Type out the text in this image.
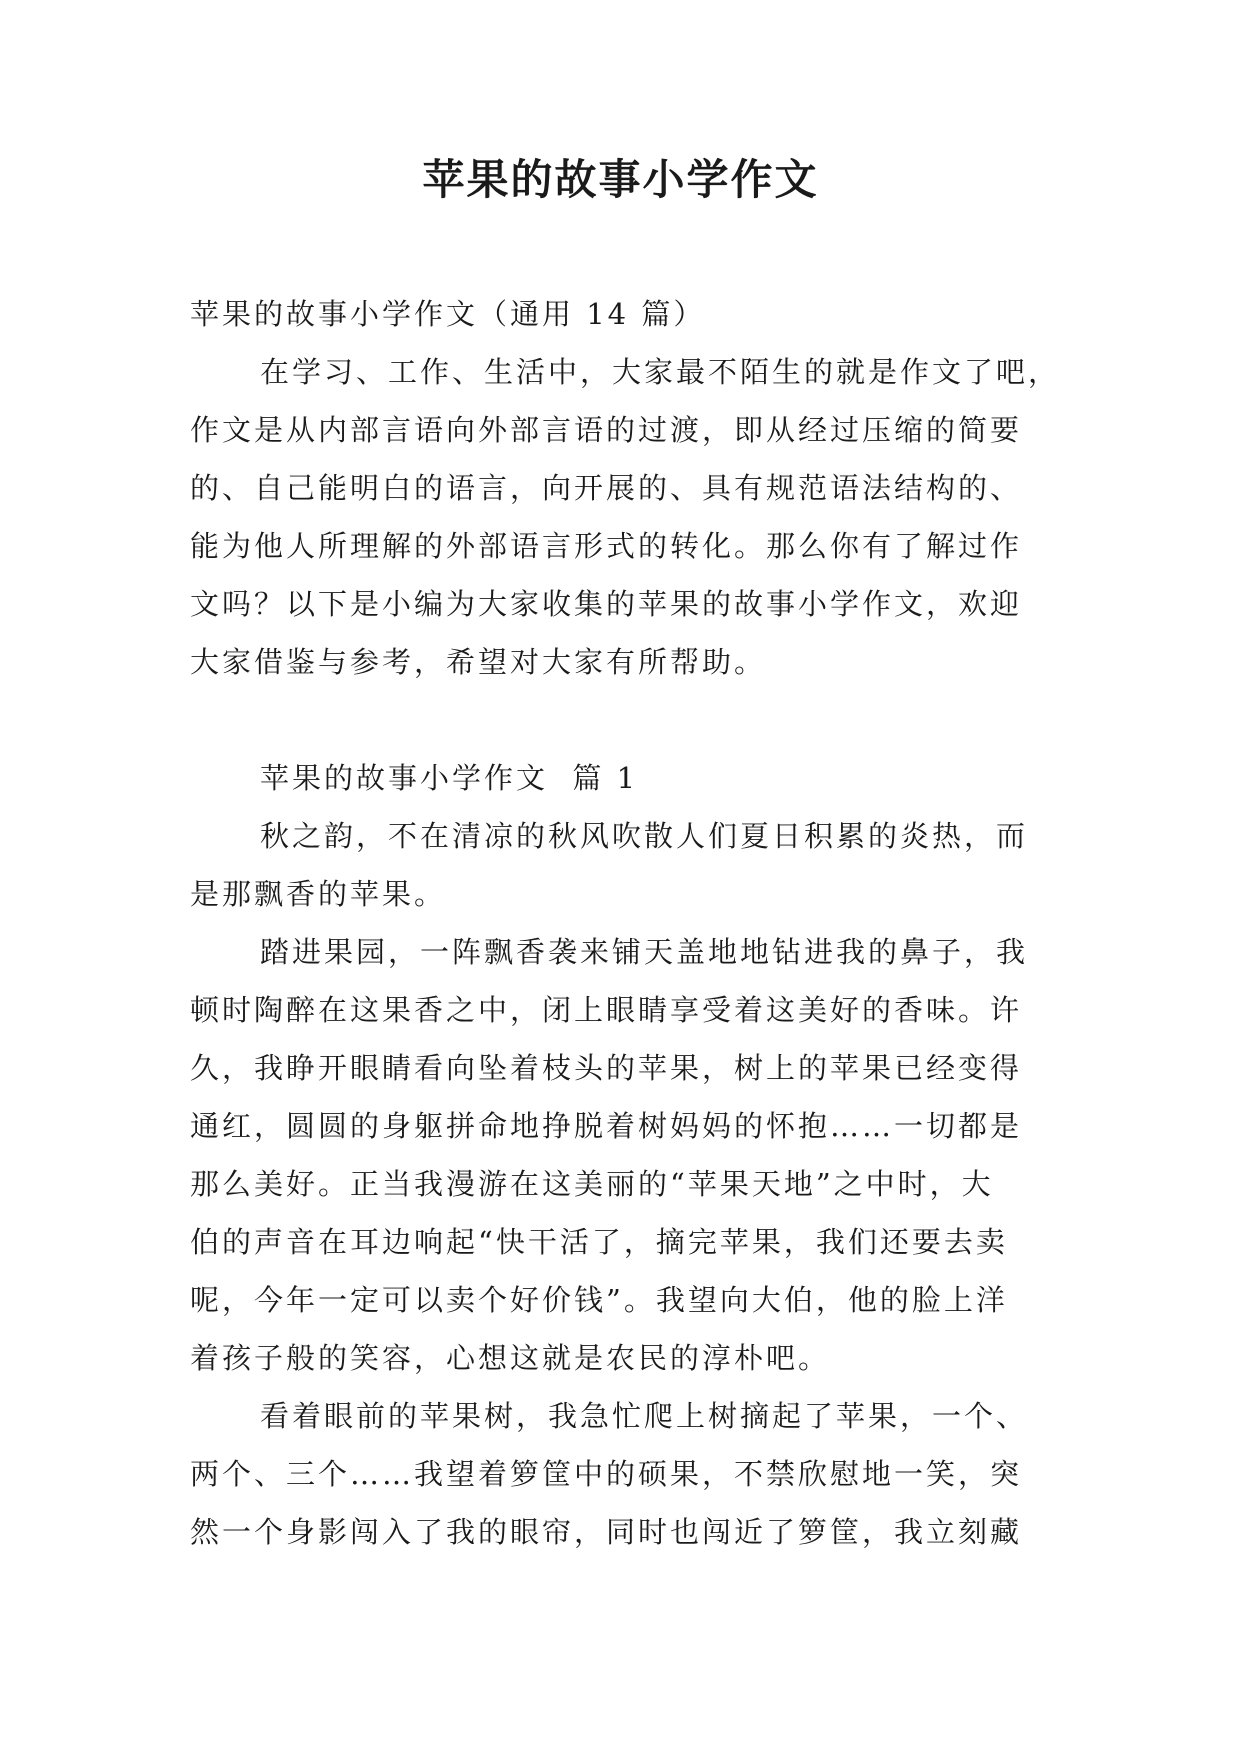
苹果的故事小学作文
苹果的故事小学作文（通用 14 篇）
在学习、工作、生活中，大家最不陌生的就是作文了吧，
作文是从内部言语向外部言语的过渡，即从经过压缩的简要
的、自己能明白的语言，向开展的、具有规范语法结构的、
能为他人所理解的外部语言形式的转化。那么你有了解过作
文吗？以下是小编为大家收集的苹果的故事小学作文，欢迎
大家借鉴与参考，希望对大家有所帮助。
苹果的故事小学作文  篇 1
秋之韵，不在清凉的秋风吹散人们夏日积累的炎热，而
是那飘香的苹果。
踏进果园，一阵飘香袭来铺天盖地地钻进我的鼻子，我
顿时陶醉在这果香之中，闭上眼睛享受着这美好的香味。许
久，我睁开眼睛看向坠着枝头的苹果，树上的苹果已经变得
通红，圆圆的身躯拼命地挣脱着树妈妈的怀抱……一切都是
那么美好。正当我漫游在这美丽的“苹果天地”之中时，大
伯的声音在耳边响起“快干活了，摘完苹果，我们还要去卖
呢，今年一定可以卖个好价钱”。我望向大伯，他的脸上洋
着孩子般的笑容，心想这就是农民的淳朴吧。
看着眼前的苹果树，我急忙爬上树摘起了苹果，一个、
两个、三个……我望着箩筐中的硕果，不禁欣慰地一笑，突
然一个身影闯入了我的眼帘，同时也闯近了箩筐，我立刻藏
